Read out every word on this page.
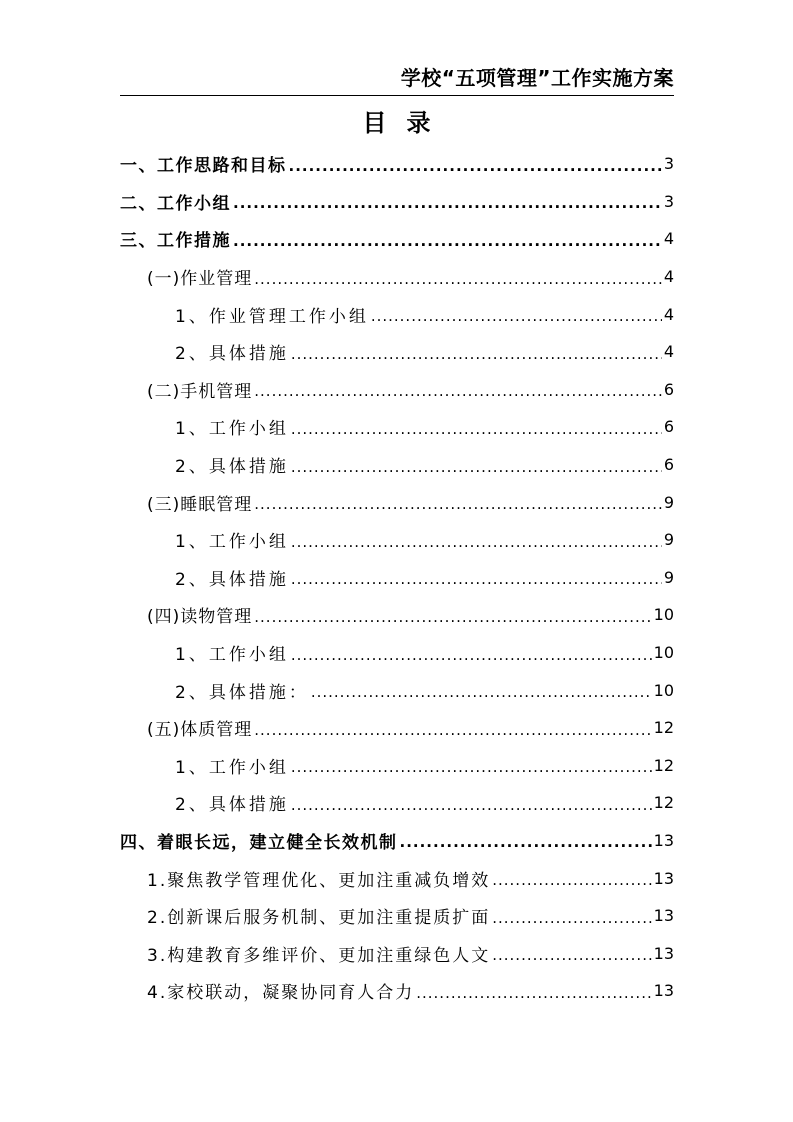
学校“五项管理”工作实施方案
目录
一、工作思路和目标 .....	3
二、工作小组 .....	3
三、工作措施 .....	4
(一)作业管理 .....	4
1、作业管理工作小组 .....	4
2、具体措施 .....	4
(二)手机管理 .....	6
1、工作小组 .....	6
2、具体措施 .....	6
(三)睡眠管理 .....	9
1、工作小组 .....	9
2、具体措施 .....	9
(四)读物管理 .....	10
1、工作小组 .....	10
2、具体措施： .....	10
(五)体质管理 .....	12
1、工作小组 .....	12
2、具体措施 .....	12
四、着眼长远，建立健全长效机制 .....	13
1.聚焦教学管理优化、更加注重减负增效 .....	13
2.创新课后服务机制、更加注重提质扩面 .....	13
3.构建教育多维评价、更加注重绿色人文 .....	13
4.家校联动，凝聚协同育人合力 .....	13
